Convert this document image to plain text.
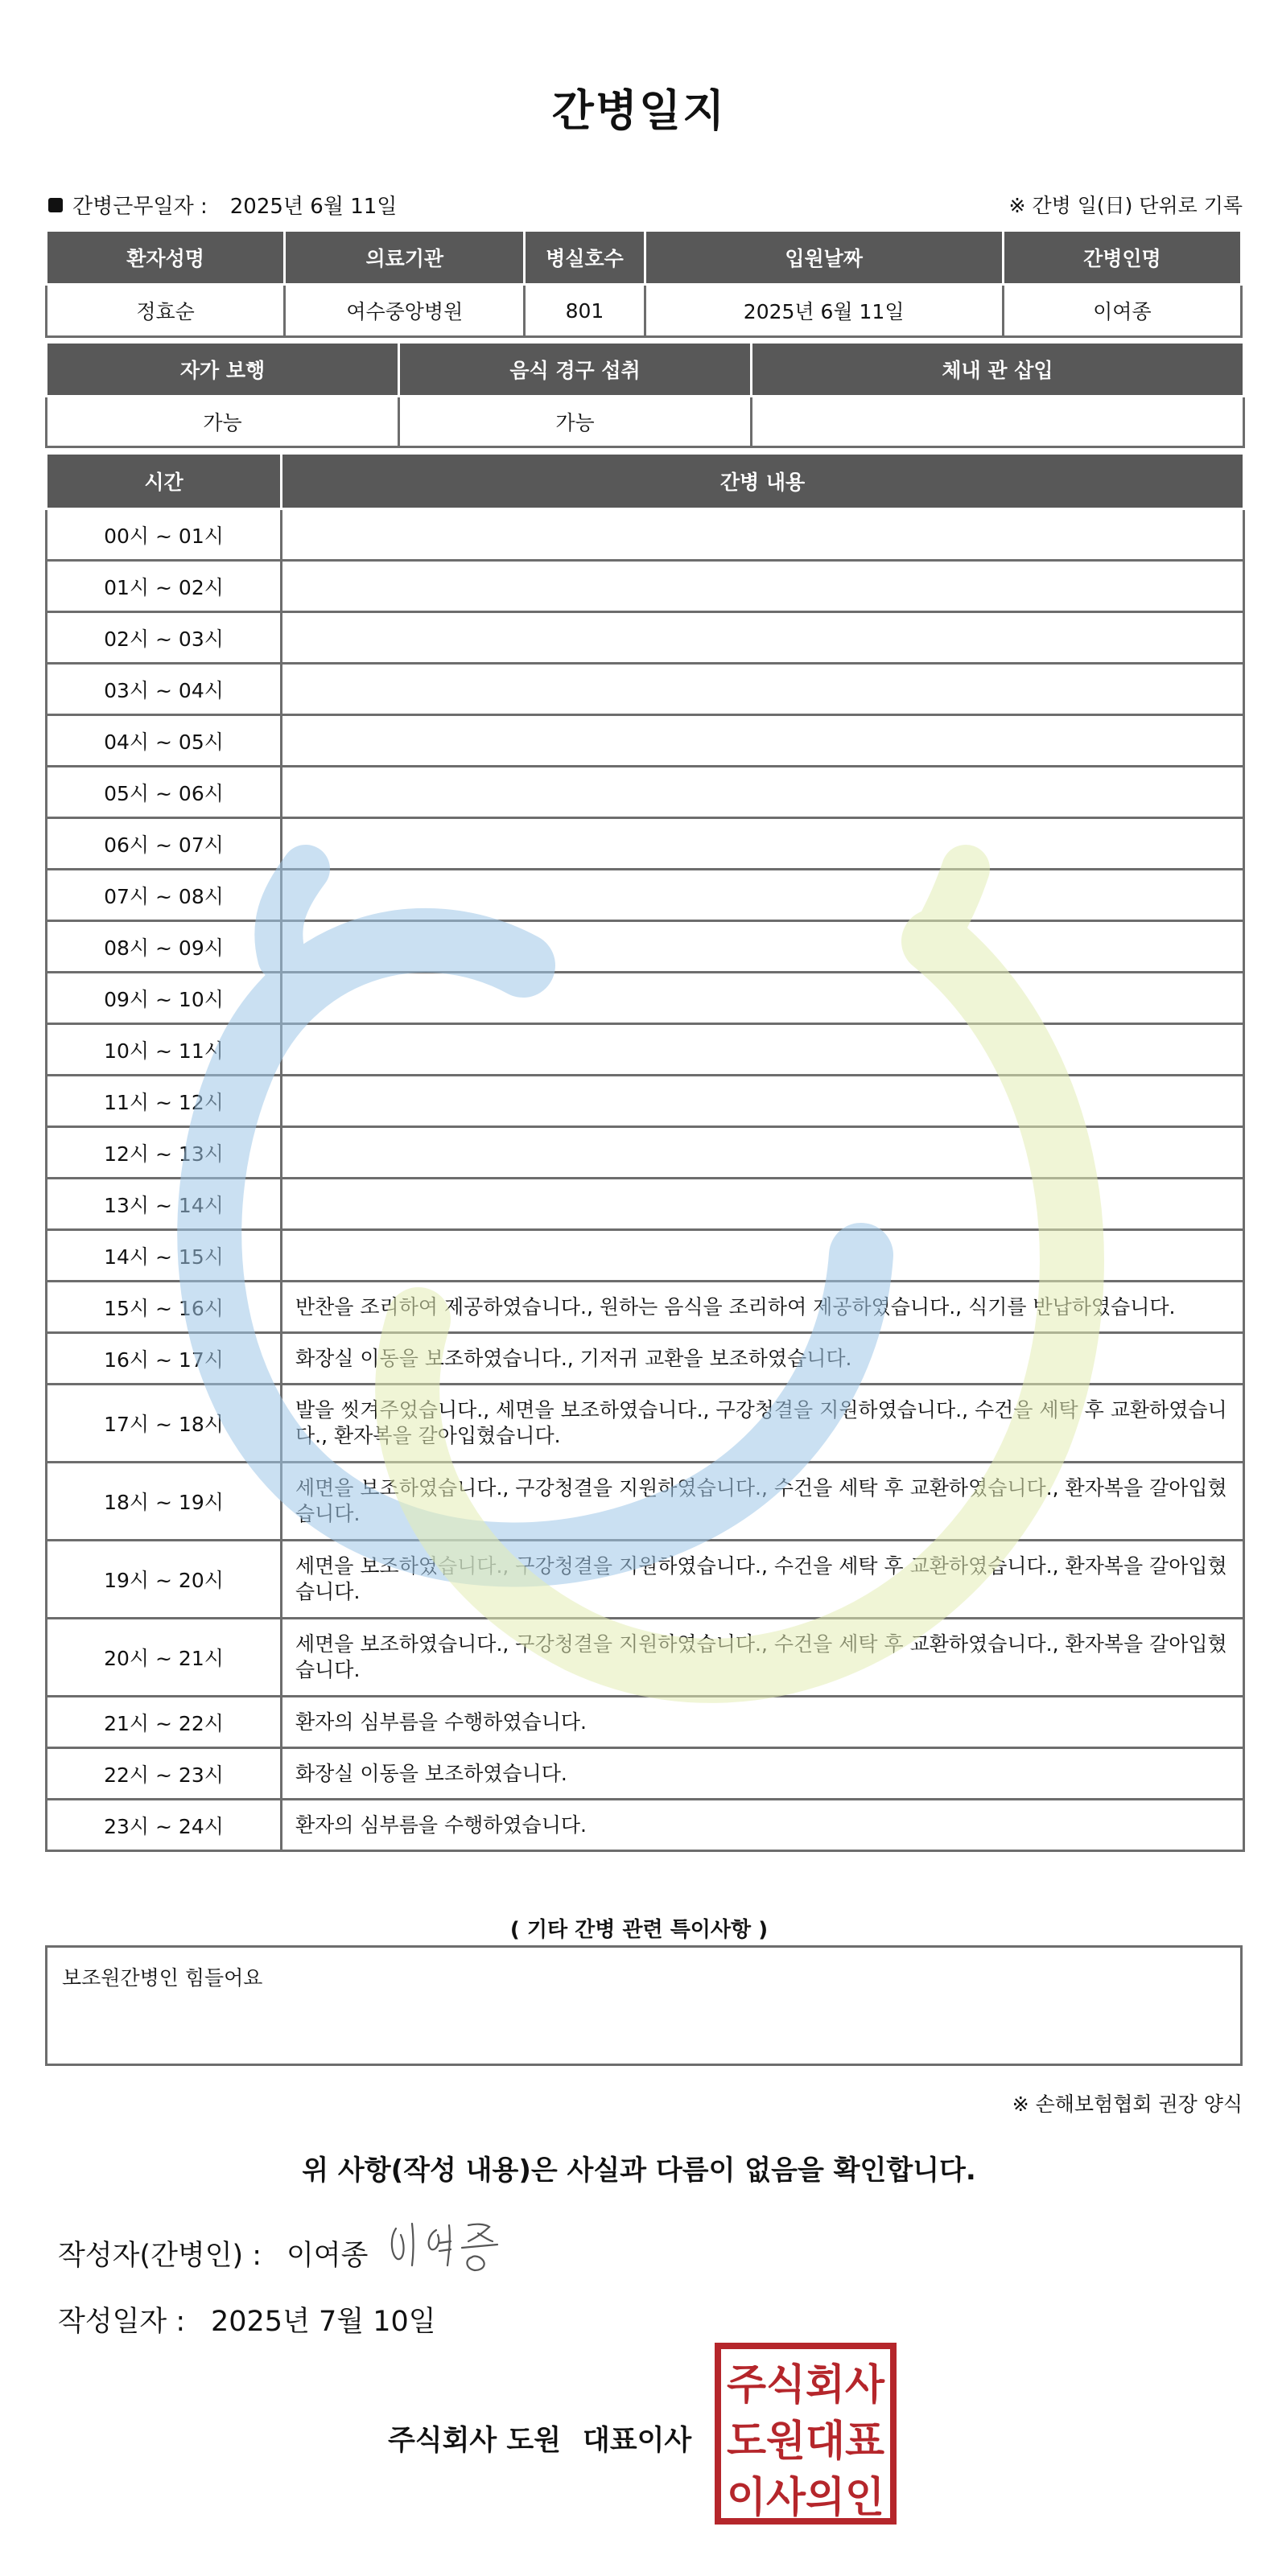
간병일지
간병근무일자 : 2025년 6월 11일	※ 간병 일(日) 단위로 기록
환자성명	의료기관	병실호수	입원날짜	간병인명
정효순	여수중앙병원	801	2025년 6월 11일	이여종
자가 보행	음식 경구 섭취	체내 관 삽입
가능	가능	
시간	간병 내용
00시 ~ 01시	
01시 ~ 02시	
02시 ~ 03시	
03시 ~ 04시	
04시 ~ 05시	
05시 ~ 06시	
06시 ~ 07시	
07시 ~ 08시	
08시 ~ 09시	
09시 ~ 10시	
10시 ~ 11시	
11시 ~ 12시	
12시 ~ 13시	
13시 ~ 14시	
14시 ~ 15시	
15시 ~ 16시	반찬을 조리하여 제공하였습니다., 원하는 음식을 조리하여 제공하였습니다., 식기를 반납하였습니다.
16시 ~ 17시	화장실 이동을 보조하였습니다., 기저귀 교환을 보조하였습니다.
17시 ~ 18시	발을 씻겨주었습니다., 세면을 보조하였습니다., 구강청결을 지원하였습니다., 수건을 세탁 후 교환하였습니다., 환자복을 갈아입혔습니다.
18시 ~ 19시	세면을 보조하였습니다., 구강청결을 지원하였습니다., 수건을 세탁 후 교환하였습니다., 환자복을 갈아입혔습니다.
19시 ~ 20시	세면을 보조하였습니다., 구강청결을 지원하였습니다., 수건을 세탁 후 교환하였습니다., 환자복을 갈아입혔습니다.
20시 ~ 21시	세면을 보조하였습니다., 구강청결을 지원하였습니다., 수건을 세탁 후 교환하였습니다., 환자복을 갈아입혔습니다.
21시 ~ 22시	환자의 심부름을 수행하였습니다.
22시 ~ 23시	화장실 이동을 보조하였습니다.
23시 ~ 24시	환자의 심부름을 수행하였습니다.
( 기타 간병 관련 특이사항 )
보조원간병인 힘들어요
※ 손해보험협회 권장 양식
위 사항(작성 내용)은 사실과 다름이 없음을 확인합니다.
작성자(간병인) : 이여종
작성일자 : 2025년 7월 10일
주식회사 도원 대표이사
주식회사
도원대표
이사의인
